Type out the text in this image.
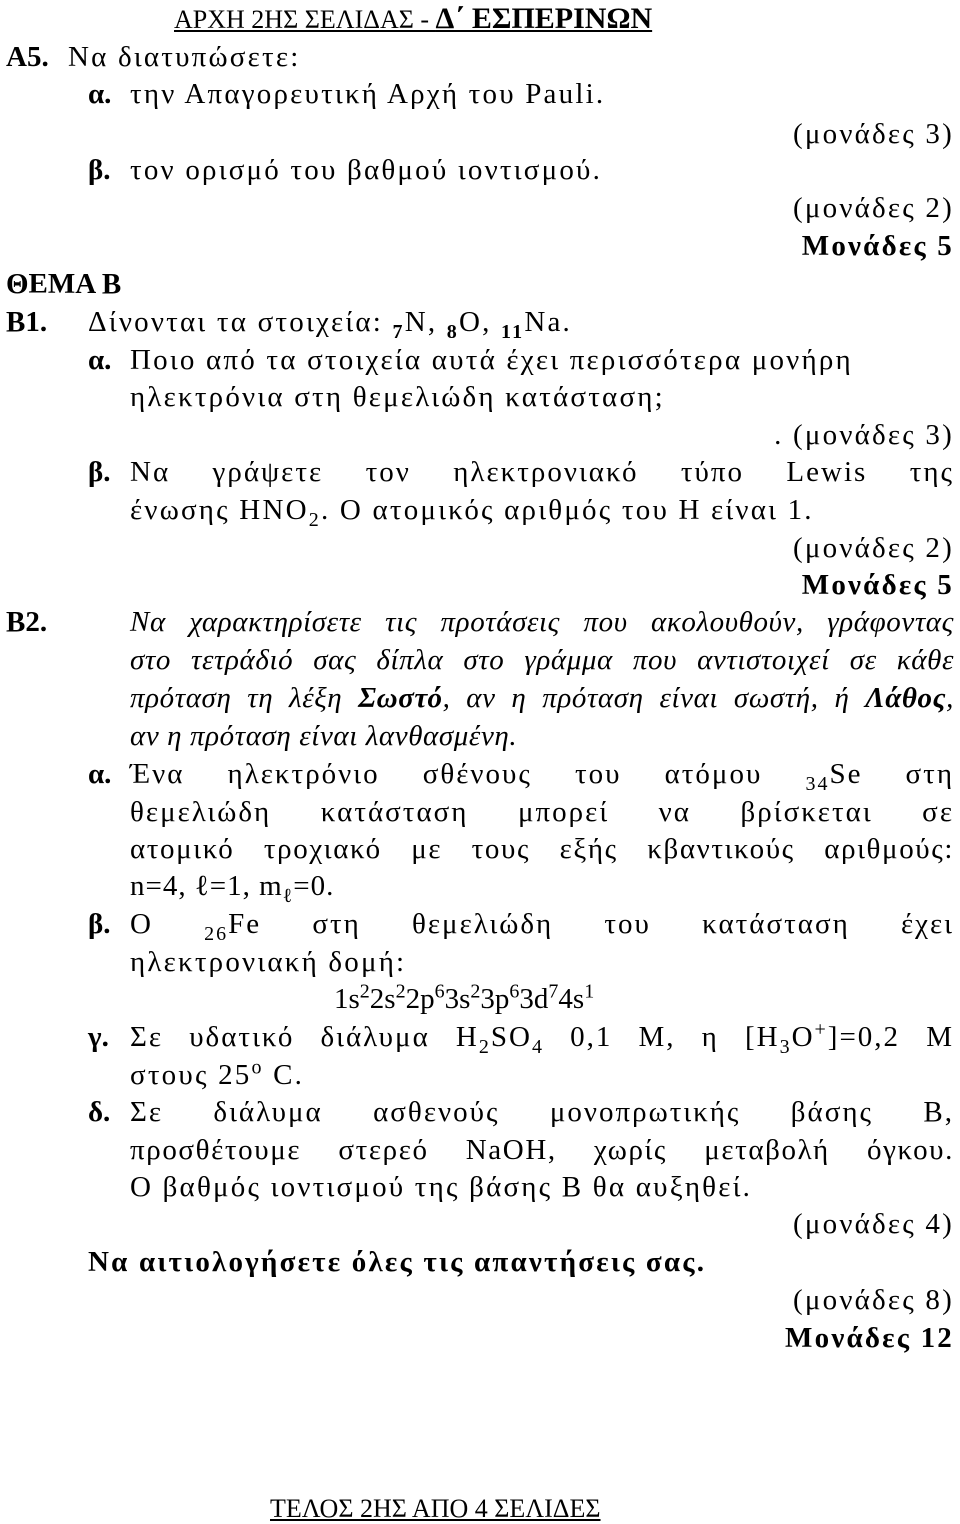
ΑΡΧΗ 2ΗΣ ΣΕΛΙΔΑΣ - Δ΄ ΕΣΠΕΡΙΝΩΝ
Α5. Να διατυπώσετε:
α. την Απαγορευτική Αρχή του Pauli.
(μονάδες 3)
β. τον ορισμό του βαθμού ιοντισμού.
(μονάδες 2)
Μονάδες 5
ΘΕΜΑ Β
Β1. Δίνονται τα στοιχεία: $_7$N, $_8$O, $_{11}$Na.
α. Ποιο από τα στοιχεία αυτά έχει περισσότερα μονήρη
ηλεκτρόνια στη θεμελιώδη κατάσταση;
. (μονάδες 3)
β. Να γράψετε τον ηλεκτρονιακό τύπο Lewis της
ένωσης $HNO_2$. Ο ατομικός αριθμός του Η είναι 1.
(μονάδες 2)
Μονάδες 5
Β2.	Να χαρακτηρίσετε τις προτάσεις που ακολουθούν, γράφοντας
στο τετράδιό σας δίπλα στο γράμμα που αντιστοιχεί σε κάθε
πρόταση τη λέξη Σωστό, αν η πρόταση είναι σωστή, ή Λάθος,
αν η πρόταση είναι λανθασμένη.
α. Ένα ηλεκτρόνιο σθένους του ατόμου $_{34}$Se στη
θεμελιώδη κατάσταση μπορεί να βρίσκεται σε
ατομικό τροχιακό με τους εξής κβαντικούς αριθμούς:
n=4, ℓ=1, $m_\ell=0$.
β. Ο $_{26}$Fe στη θεμελιώδη του κατάσταση έχει
ηλεκτρονιακή δομή:
$1s^22s^22p^63s^23p^63d^74s^1$
γ. Σε υδατικό διάλυμα $H_2SO_4$ 0,1 M, η $[H_3O^+]=0,2$ M
στους 25$^o$ C.
δ. Σε διάλυμα ασθενούς μονοπρωτικής βάσης Β,
προσθέτουμε στερεό NaOH, χωρίς μεταβολή όγκου.
Ο βαθμός ιοντισμού της βάσης Β θα αυξηθεί.
(μονάδες 4)
Να αιτιολογήσετε όλες τις απαντήσεις σας.
(μονάδες 8)
Μονάδες 12
ΤΕΛΟΣ 2ΗΣ ΑΠΟ 4 ΣΕΛΙΔΕΣ
